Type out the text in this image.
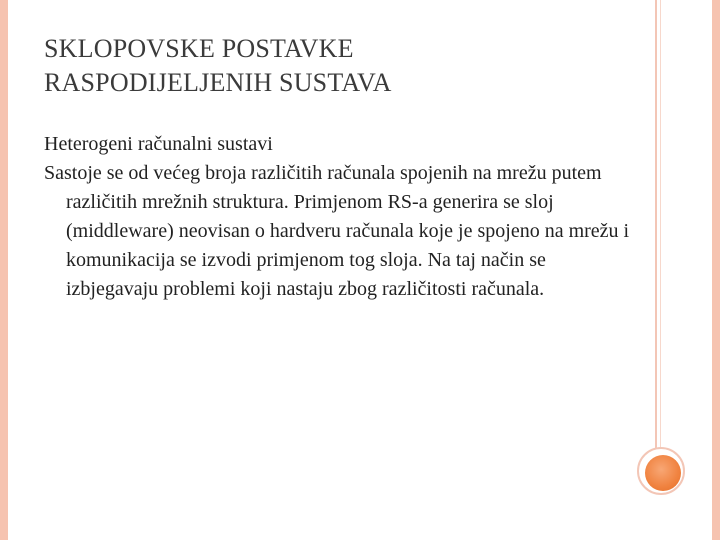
SKLOPOVSKE POSTAVKE
RASPODIJELJENIH SUSTAVA
Heterogeni računalni sustavi
Sastoje se od većeg broja različitih računala spojenih na mrežu putem različitih mrežnih struktura. Primjenom RS-a generira se sloj (middleware) neovisan o hardveru računala koje je spojeno na mrežu i komunikacija se izvodi primjenom tog sloja. Na taj način se izbjegavaju problemi koji nastaju zbog različitosti računala.
